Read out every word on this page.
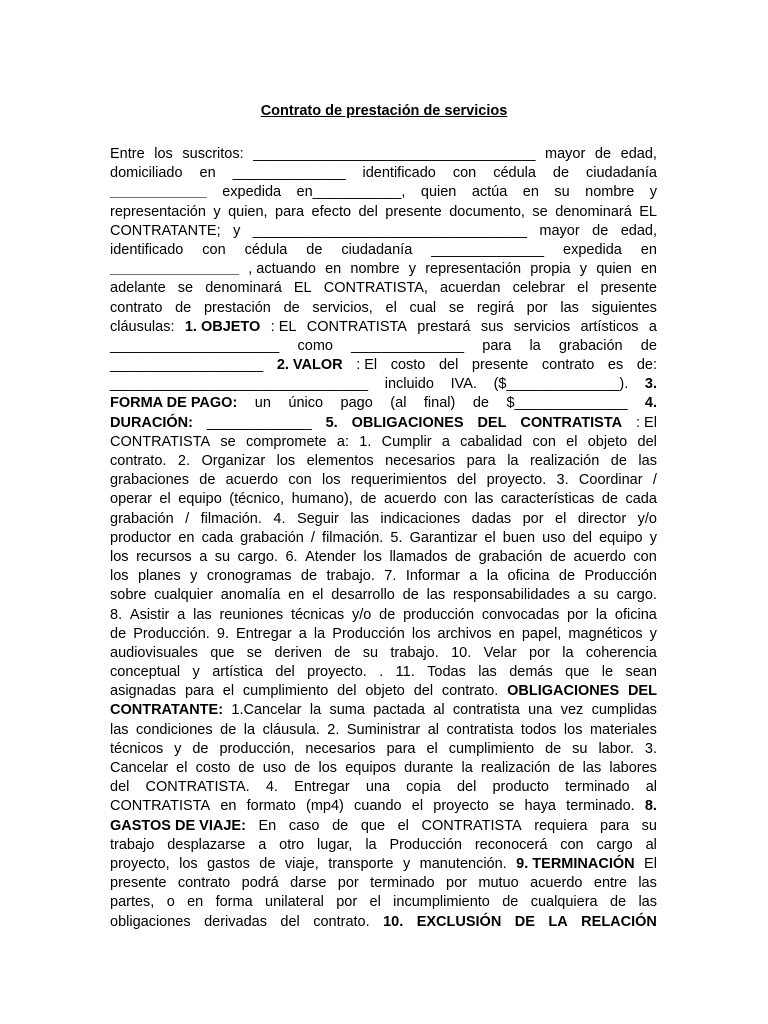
Contrato de prestación de servicios
Entre los suscritos: ___________________________________ mayor de edad,
domiciliado en ______________ identificado con cédula de ciudadanía
____________ expedida en___________, quien actúa en su nombre y
representación y quien, para efecto del presente documento, se denominará EL
CONTRATANTE; y __________________________________ mayor de edad,
identificado con cédula de ciudadanía ______________ expedida en
________________ , actuando en nombre y representación propia y quien en
adelante se denominará EL CONTRATISTA, acuerdan celebrar el presente
contrato de prestación de servicios, el cual se regirá por las siguientes
cláusulas: 1. OBJETO : EL CONTRATISTA prestará sus servicios artísticos a
_____________________ como ______________ para la grabación de
___________________ 2. VALOR : El costo del presente contrato es de:
________________________________ incluido IVA. ($______________). 3.
FORMA DE PAGO: un único pago (al final) de $______________ 4.
DURACIÓN: _____________ 5. OBLIGACIONES DEL CONTRATISTA : El
CONTRATISTA se compromete a: 1. Cumplir a cabalidad con el objeto del
contrato. 2. Organizar los elementos necesarios para la realización de las
grabaciones de acuerdo con los requerimientos del proyecto. 3. Coordinar /
operar el equipo (técnico, humano), de acuerdo con las características de cada
grabación / filmación. 4. Seguir las indicaciones dadas por el director y/o
productor en cada grabación / filmación. 5. Garantizar el buen uso del equipo y
los recursos a su cargo. 6. Atender los llamados de grabación de acuerdo con
los planes y cronogramas de trabajo. 7. Informar a la oficina de Producción
sobre cualquier anomalía en el desarrollo de las responsabilidades a su cargo.
8. Asistir a las reuniones técnicas y/o de producción convocadas por la oficina
de Producción. 9. Entregar a la Producción los archivos en papel, magnéticos y
audiovisuales que se deriven de su trabajo. 10. Velar por la coherencia
conceptual y artística del proyecto. . 11. Todas las demás que le sean
asignadas para el cumplimiento del objeto del contrato. OBLIGACIONES DEL
CONTRATANTE: 1.Cancelar la suma pactada al contratista una vez cumplidas
las condiciones de la cláusula. 2. Suministrar al contratista todos los materiales
técnicos y de producción, necesarios para el cumplimiento de su labor. 3.
Cancelar el costo de uso de los equipos durante la realización de las labores
del CONTRATISTA. 4. Entregar una copia del producto terminado al
CONTRATISTA en formato (mp4) cuando el proyecto se haya terminado. 8.
GASTOS DE VIAJE: En caso de que el CONTRATISTA requiera para su
trabajo desplazarse a otro lugar, la Producción reconocerá con cargo al
proyecto, los gastos de viaje, transporte y manutención. 9. TERMINACIÓN El
presente contrato podrá darse por terminado por mutuo acuerdo entre las
partes, o en forma unilateral por el incumplimiento de cualquiera de las
obligaciones derivadas del contrato. 10. EXCLUSIÓN DE LA RELACIÓN
